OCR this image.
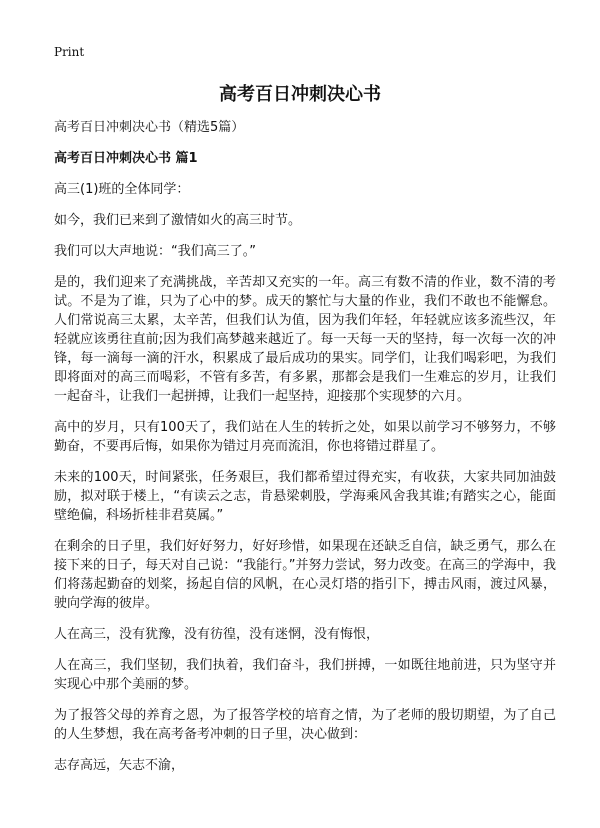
Print
高考百日冲刺决心书

高考百日冲刺决心书（精选5篇）

高考百日冲刺决心书 篇1

高三(1)班的全体同学：

如今，我们已来到了激情如火的高三时节。

我们可以大声地说：“我们高三了。”

是的，我们迎来了充满挑战，辛苦却又充实的一年。高三有数不清的作业，数不清的考试。不是为了谁，只为了心中的梦。成天的繁忙与大量的作业，我们不敢也不能懈怠。人们常说高三太累，太辛苦，但我们认为值，因为我们年轻，年轻就应该多流些汉，年轻就应该勇往直前;因为我们高梦越来越近了。每一天每一天的坚持，每一次每一次的冲锋，每一滴每一滴的汗水，积累成了最后成功的果实。同学们，让我们喝彩吧，为我们即将面对的高三而喝彩，不管有多苦，有多累，那都会是我们一生难忘的岁月，让我们一起奋斗，让我们一起拼搏，让我们一起坚持，迎接那个实现梦的六月。

高中的岁月，只有100天了，我们站在人生的转折之处，如果以前学习不够努力，不够勤奋，不要再后悔，如果你为错过月亮而流泪，你也将错过群星了。

未来的100天，时间紧张，任务艰巨，我们都希望过得充实，有收获，大家共同加油鼓励，拟对联于楼上，“有读云之志，肯悬梁刺股，学海乘风舍我其谁;有踏实之心，能面壁绝偏，科场折桂非君莫属。”

在剩余的日子里，我们好好努力，好好珍惜，如果现在还缺乏自信，缺乏勇气，那么在接下来的日子，每天对自己说：“我能行。”并努力尝试，努力改变。在高三的学海中，我们将荡起勤奋的划桨，扬起自信的风帆，在心灵灯塔的指引下，搏击风雨，渡过风暴，驶向学海的彼岸。

人在高三，没有犹豫，没有彷徨，没有迷惘，没有悔恨，

人在高三，我们坚韧，我们执着，我们奋斗，我们拼搏，一如既往地前进，只为坚守并实现心中那个美丽的梦。

为了报答父母的养育之恩，为了报答学校的培育之情，为了老师的殷切期望，为了自己的人生梦想，我在高考备考冲刺的日子里，决心做到：

志存高远，矢志不渝，
